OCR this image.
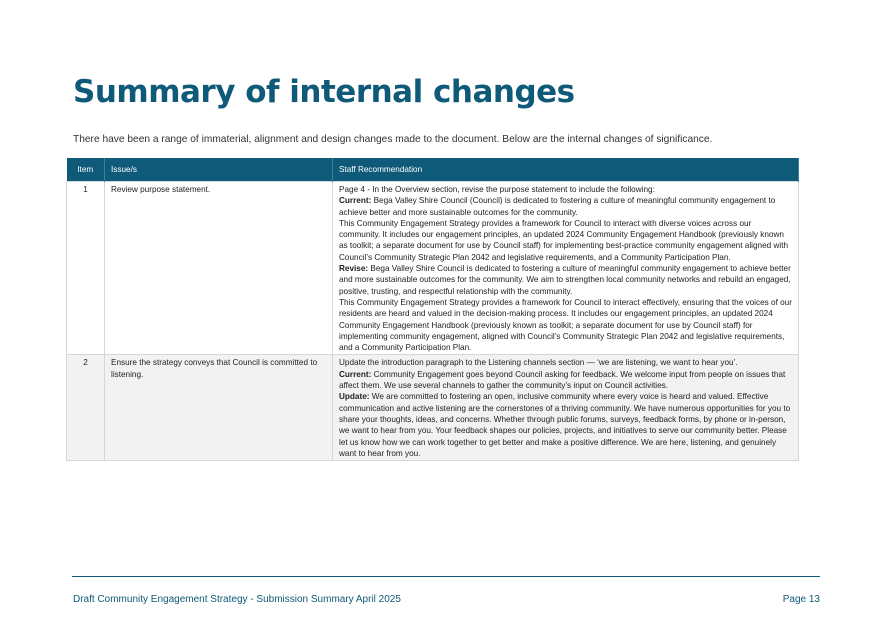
Summary of internal changes

There have been a range of immaterial, alignment and design changes made to the document. Below are the internal changes of significance.

Item	Issue/s	Staff Recommendation
1	Review purpose statement.	Page 4 - In the Overview section, revise the purpose statement to include the following:
Current: Bega Valley Shire Council (Council) is dedicated to fostering a culture of meaningful community engagement to achieve better and more sustainable outcomes for the community.
This Community Engagement Strategy provides a framework for Council to interact with diverse voices across our community. It includes our engagement principles, an updated 2024 Community Engagement Handbook (previously known as toolkit; a separate document for use by Council staff) for implementing best-practice community engagement aligned with Council’s Community Strategic Plan 2042 and legislative requirements, and a Community Participation Plan.
Revise: Bega Valley Shire Council is dedicated to fostering a culture of meaningful community engagement to achieve better and more sustainable outcomes for the community. We aim to strengthen local community networks and rebuild an engaged, positive, trusting, and respectful relationship with the community.
This Community Engagement Strategy provides a framework for Council to interact effectively, ensuring that the voices of our residents are heard and valued in the decision-making process. It includes our engagement principles, an updated 2024 Community Engagement Handbook (previously known as toolkit; a separate document for use by Council staff) for implementing community engagement, aligned with Council’s Community Strategic Plan 2042 and legislative requirements, and a Community Participation Plan.

2	Ensure the strategy conveys that Council is committed to listening.	Update the introduction paragraph to the Listening channels section — ‘we are listening, we want to hear you’.
Current: Community Engagement goes beyond Council asking for feedback. We welcome input from people on issues that affect them. We use several channels to gather the community’s input on Council activities.
Update: We are committed to fostering an open, inclusive community where every voice is heard and valued. Effective communication and active listening are the cornerstones of a thriving community. We have numerous opportunities for you to share your thoughts, ideas, and concerns. Whether through public forums, surveys, feedback forms, by phone or in-person, we want to hear from you. Your feedback shapes our policies, projects, and initiatives to serve our community better. Please let us know how we can work together to get better and make a positive difference. We are here, listening, and genuinely want to hear from you.

Draft Community Engagement Strategy - Submission Summary April 2025	Page 13
